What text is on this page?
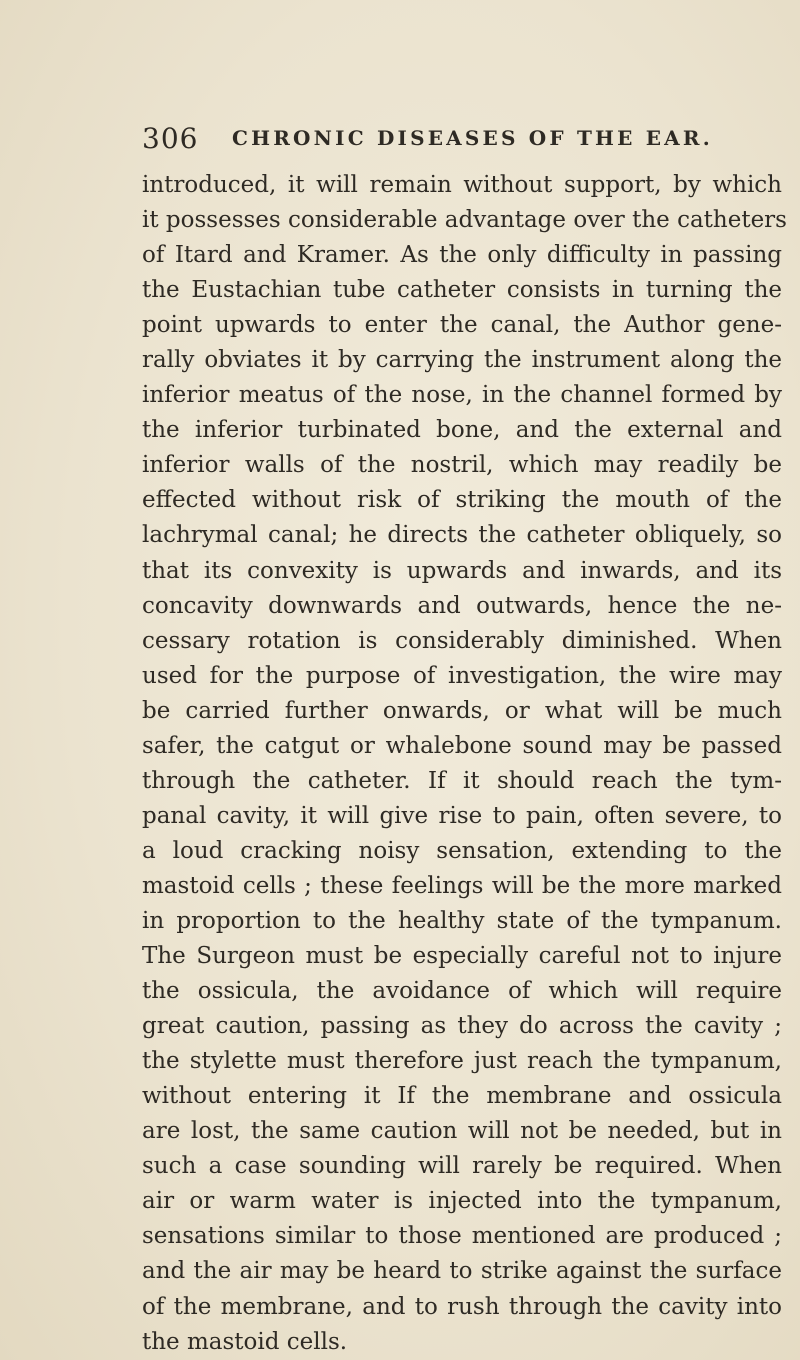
306 CHRONIC DISEASES OF THE EAR.
introduced, it will remain without support, by which
it possesses considerable advantage over the catheters
of Itard and Kramer. As the only difficulty in passing
the Eustachian tube catheter consists in turning the
point upwards to enter the canal, the Author gene-
rally obviates it by carrying the instrument along the
inferior meatus of the nose, in the channel formed by
the inferior turbinated bone, and the external and
inferior walls of the nostril, which may readily be
effected without risk of striking the mouth of the
lachrymal canal; he directs the catheter obliquely, so
that its convexity is upwards and inwards, and its
concavity downwards and outwards, hence the ne-
cessary rotation is considerably diminished. When
used for the purpose of investigation, the wire may
be carried further onwards, or what will be much
safer, the catgut or whalebone sound may be passed
through the catheter. If it should reach the tym-
panal cavity, it will give rise to pain, often severe, to
a loud cracking noisy sensation, extending to the
mastoid cells ; these feelings will be the more marked
in proportion to the healthy state of the tympanum.
The Surgeon must be especially careful not to injure
the ossicula, the avoidance of which will require
great caution, passing as they do across the cavity ;
the stylette must therefore just reach the tympanum,
without entering it If the membrane and ossicula
are lost, the same caution will not be needed, but in
such a case sounding will rarely be required. When
air or warm water is injected into the tympanum,
sensations similar to those mentioned are produced ;
and the air may be heard to strike against the surface
of the membrane, and to rush through the cavity into
the mastoid cells.
